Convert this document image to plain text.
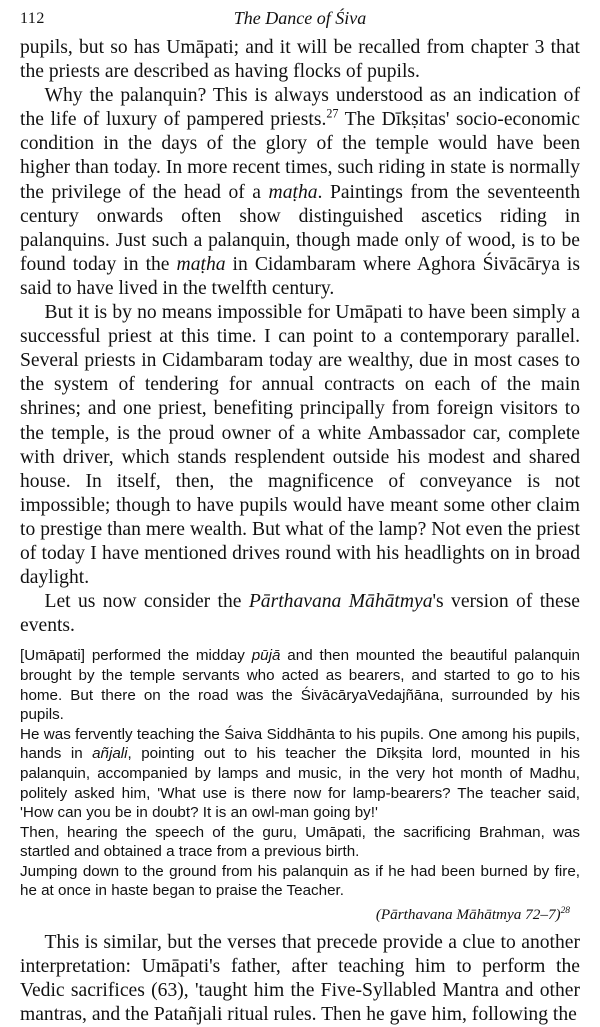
112	The Dance of Śiva

pupils, but so has Umāpati; and it will be recalled from chapter 3 that the priests are described as having flocks of pupils.

Why the palanquin? This is always understood as an indication of the life of luxury of pampered priests.$^{27}$ The Dīkṣitas' socio-economic condition in the days of the glory of the temple would have been higher than today. In more recent times, such riding in state is normally the privilege of the head of a maṭha. Paintings from the seventeenth century onwards often show distinguished ascetics riding in palanquins. Just such a palanquin, though made only of wood, is to be found today in the maṭha in Cidambaram where Aghora Śivācārya is said to have lived in the twelfth century.

But it is by no means impossible for Umāpati to have been simply a successful priest at this time. I can point to a contemporary parallel. Several priests in Cidambaram today are wealthy, due in most cases to the system of tendering for annual contracts on each of the main shrines; and one priest, benefiting principally from foreign visitors to the temple, is the proud owner of a white Ambassador car, complete with driver, which stands resplendent outside his modest and shared house. In itself, then, the magnificence of conveyance is not impossible; though to have pupils would have meant some other claim to prestige than mere wealth. But what of the lamp? Not even the priest of today I have mentioned drives round with his headlights on in broad daylight.

Let us now consider the Pārthavana Māhātmya's version of these events.

[Umāpati] performed the midday pūjā and then mounted the beautiful palanquin brought by the temple servants who acted as bearers, and started to go to his home. But there on the road was the ŚivācāryaVedajñāna, surrounded by his pupils.

He was fervently teaching the Śaiva Siddhānta to his pupils. One among his pupils, hands in añjali, pointing out to his teacher the Dīkṣita lord, mounted in his palanquin, accompanied by lamps and music, in the very hot month of Madhu, politely asked him, 'What use is there now for lamp-bearers? The teacher said, 'How can you be in doubt? It is an owl-man going by!'

Then, hearing the speech of the guru, Umāpati, the sacrificing Brahman, was startled and obtained a trace from a previous birth.

Jumping down to the ground from his palanquin as if he had been burned by fire, he at once in haste began to praise the Teacher.

(Pārthavana Māhātmya 72–7)$^{28}$

This is similar, but the verses that precede provide a clue to another interpretation: Umāpati's father, after teaching him to perform the Vedic sacrifices (63), 'taught him the Five-Syllabled Mantra and other mantras, and the Patañjali ritual rules. Then he gave him, following the
